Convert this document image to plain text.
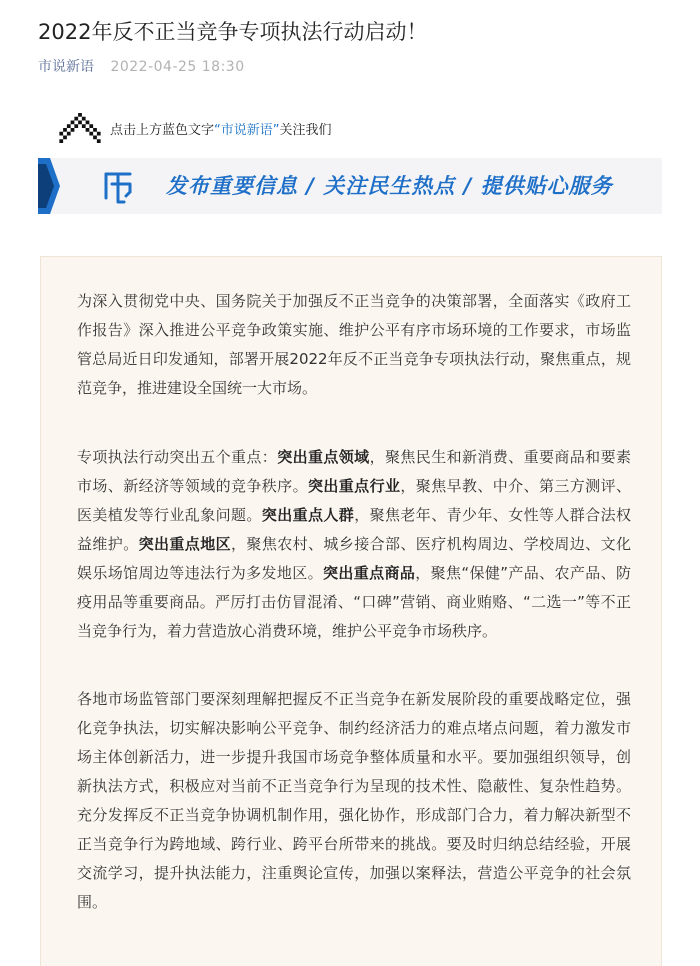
2022年反不正当竞争专项执法行动启动！
市说新语 2022-04-25 18:30
点击上方蓝色文字“市说新语”关注我们
发布重要信息 / 关注民生热点 / 提供贴心服务

为深入贯彻党中央、国务院关于加强反不正当竞争的决策部署，全面落实《政府工作报告》深入推进公平竞争政策实施、维护公平有序市场环境的工作要求，市场监管总局近日印发通知，部署开展2022年反不正当竞争专项执法行动，聚焦重点，规范竞争，推进建设全国统一大市场。

专项执法行动突出五个重点：突出重点领域，聚焦民生和新消费、重要商品和要素市场、新经济等领域的竞争秩序。突出重点行业，聚焦早教、中介、第三方测评、医美植发等行业乱象问题。突出重点人群，聚焦老年、青少年、女性等人群合法权益维护。突出重点地区，聚焦农村、城乡接合部、医疗机构周边、学校周边、文化娱乐场馆周边等违法行为多发地区。突出重点商品，聚焦“保健”产品、农产品、防疫用品等重要商品。严厉打击仿冒混淆、“口碑”营销、商业贿赂、“二选一”等不正当竞争行为，着力营造放心消费环境，维护公平竞争市场秩序。

各地市场监管部门要深刻理解把握反不正当竞争在新发展阶段的重要战略定位，强化竞争执法，切实解决影响公平竞争、制约经济活力的难点堵点问题，着力激发市场主体创新活力，进一步提升我国市场竞争整体质量和水平。要加强组织领导，创新执法方式，积极应对当前不正当竞争行为呈现的技术性、隐蔽性、复杂性趋势。充分发挥反不正当竞争协调机制作用，强化协作，形成部门合力，着力解决新型不正当竞争行为跨地域、跨行业、跨平台所带来的挑战。要及时归纳总结经验，开展交流学习，提升执法能力，注重舆论宣传，加强以案释法，营造公平竞争的社会氛围。
